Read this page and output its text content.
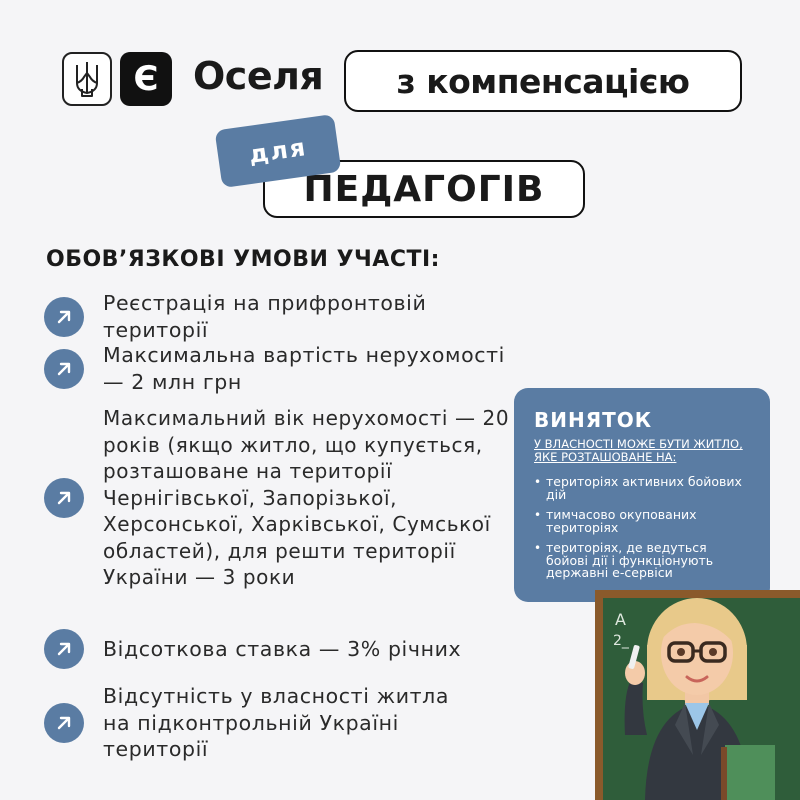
Є Оселя	з компенсацією
для
ПЕДАГОГІВ
ОБОВ’ЯЗКОВІ УМОВИ УЧАСТІ:
Реєстрація на прифронтовій території
Максимальна вартість нерухомості — 2 млн грн
Максимальний вік нерухомості — 20 років (якщо житло, що купується, розташоване на території Чернігівської, Запорізької, Херсонської, Харківської, Сумської областей), для решти території України — 3 роки
Відсоткова ставка — 3% річних
Відсутність у власності житла на підконтрольній Україні території
ВИНЯТОК
У ВЛАСНОСТІ МОЖЕ БУТИ ЖИТЛО, ЯКЕ РОЗТАШОВАНЕ НА:
• територіях активних бойових дій
• тимчасово окупованих територіях
• територіях, де ведуться бойові дії і функціонують державні е-сервіси
A
2_
